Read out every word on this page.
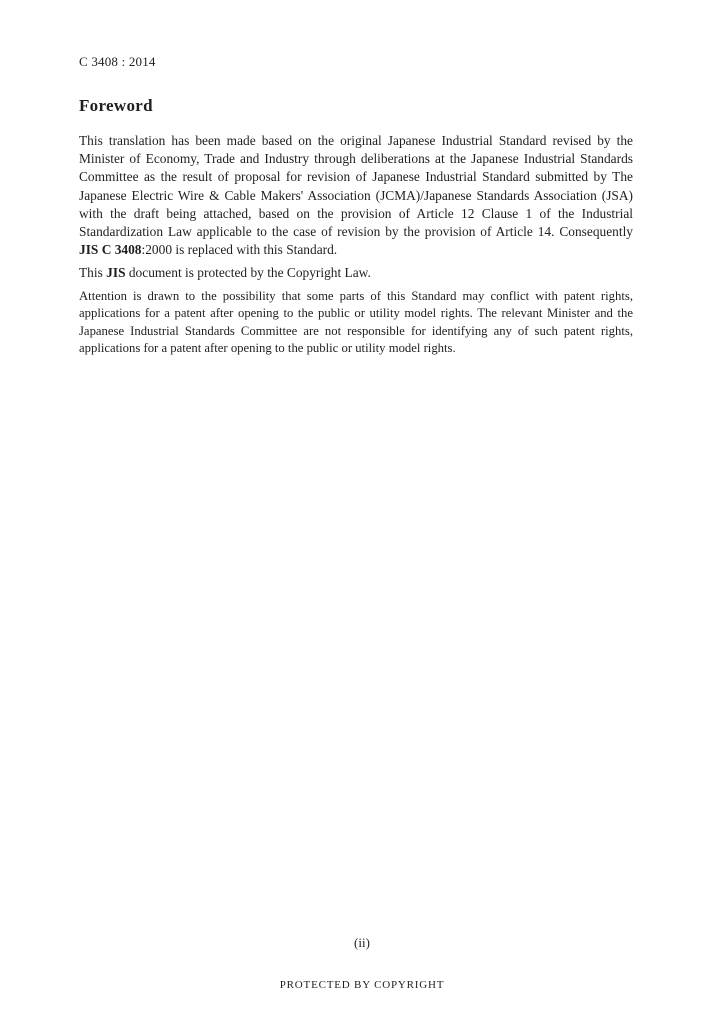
C 3408 : 2014
Foreword

This translation has been made based on the original Japanese Industrial Standard revised by the Minister of Economy, Trade and Industry through deliberations at the Japanese Industrial Standards Committee as the result of proposal for revision of Japanese Industrial Standard submitted by The Japanese Electric Wire & Cable Makers' Association (JCMA)/Japanese Standards Association (JSA) with the draft being attached, based on the provision of Article 12 Clause 1 of the Industrial Standardization Law applicable to the case of revision by the provision of Article 14. Consequently JIS C 3408:2000 is replaced with this Standard.

This JIS document is protected by the Copyright Law.

Attention is drawn to the possibility that some parts of this Standard may conflict with patent rights, applications for a patent after opening to the public or utility model rights. The relevant Minister and the Japanese Industrial Standards Committee are not responsible for identifying any of such patent rights, applications for a patent after opening to the public or utility model rights.

(ii)
PROTECTED BY COPYRIGHT
